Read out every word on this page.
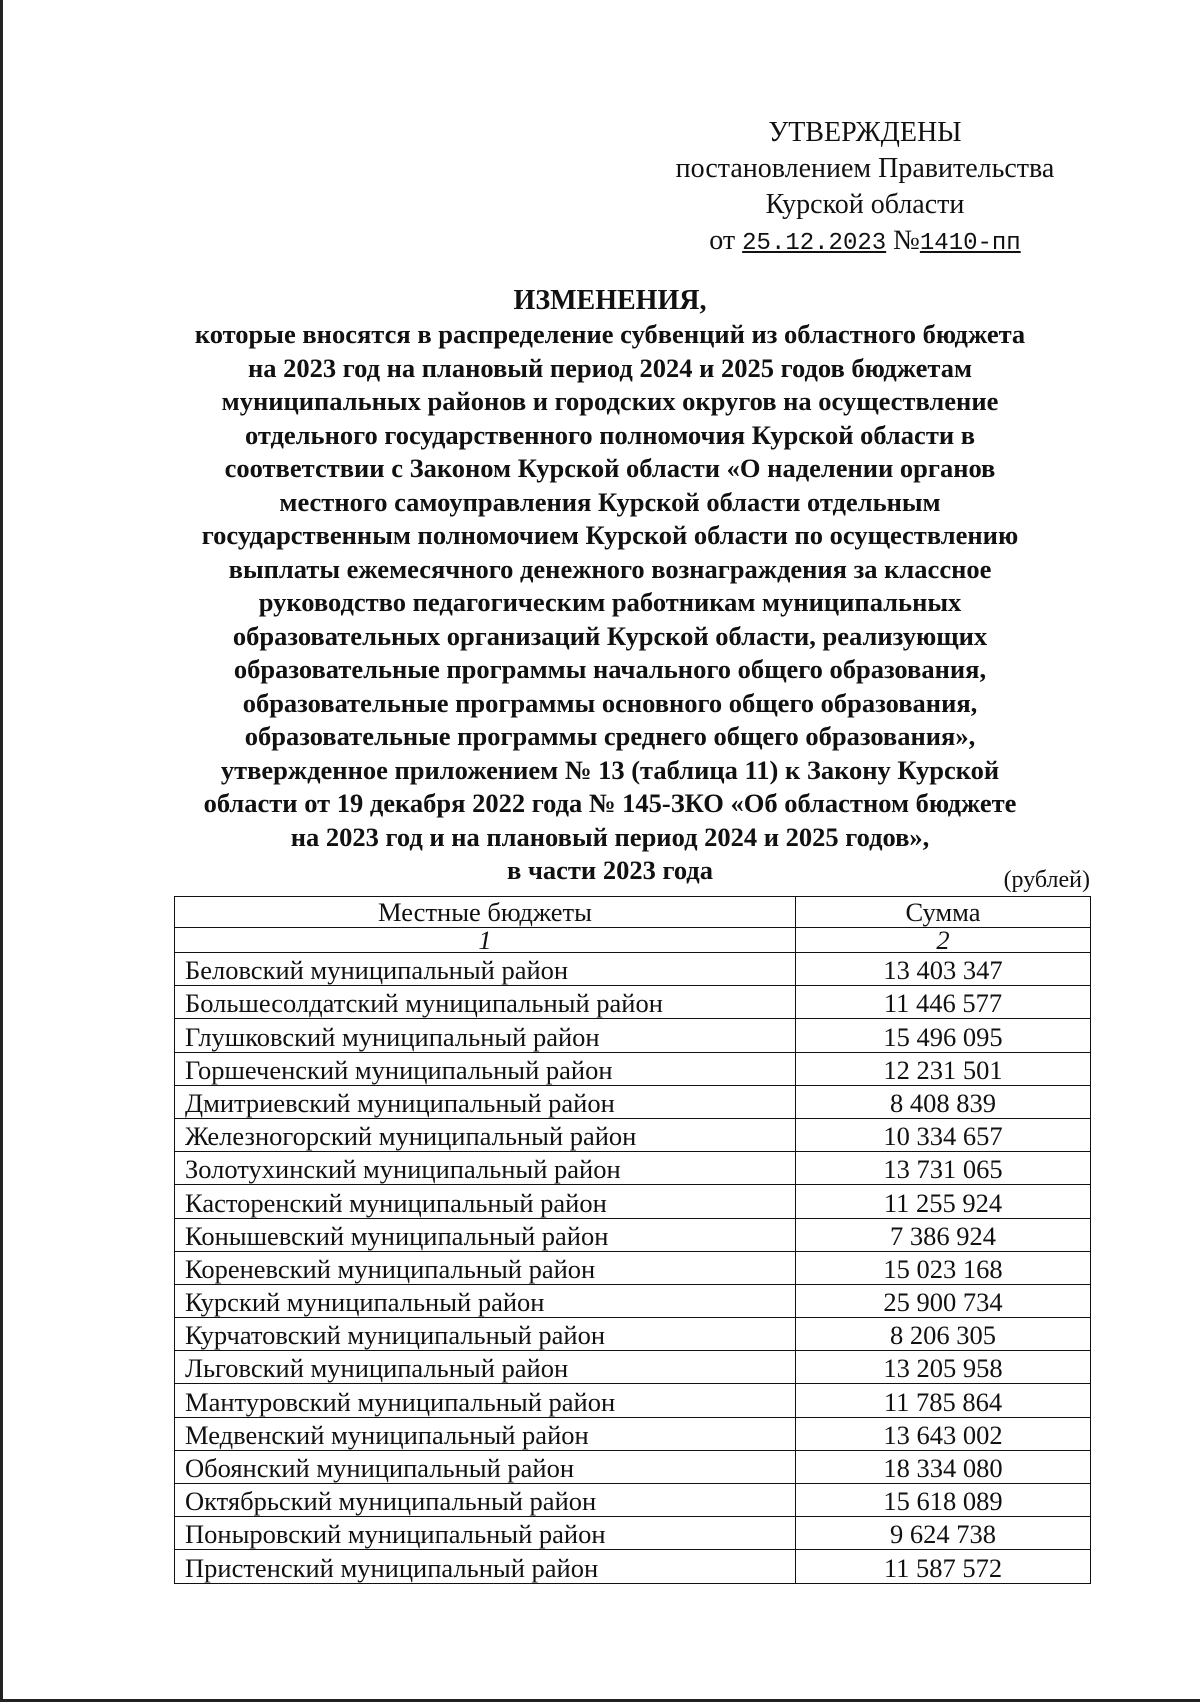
УТВЕРЖДЕНЫ
постановлением Правительства
Курской области
от 25.12.2023 №1410-пп
ИЗМЕНЕНИЯ,
которые вносятся в распределение субвенций из областного бюджета
на 2023 год на плановый период 2024 и 2025 годов бюджетам
муниципальных районов и городских округов на осуществление
отдельного государственного полномочия Курской области в
соответствии с Законом Курской области «О наделении органов
местного самоуправления Курской области отдельным
государственным полномочием Курской области по осуществлению
выплаты ежемесячного денежного вознаграждения за классное
руководство педагогическим работникам муниципальных
образовательных организаций Курской области, реализующих
образовательные программы начального общего образования,
образовательные программы основного общего образования,
образовательные программы среднего общего образования»,
утвержденное приложением № 13 (таблица 11) к Закону Курской
области от 19 декабря 2022 года № 145-ЗКО «Об областном бюджете
на 2023 год и на плановый период 2024 и 2025 годов»,
в части 2023 года	(рублей)
Местные бюджеты	Сумма
1	2
Беловский муниципальный район	13 403 347
Большесолдатский муниципальный район	11 446 577
Глушковский муниципальный район	15 496 095
Горшеченский муниципальный район	12 231 501
Дмитриевский муниципальный район	8 408 839
Железногорский муниципальный район	10 334 657
Золотухинский муниципальный район	13 731 065
Касторенский муниципальный район	11 255 924
Конышевский муниципальный район	7 386 924
Кореневский муниципальный район	15 023 168
Курский муниципальный район	25 900 734
Курчатовский муниципальный район	8 206 305
Льговский муниципальный район	13 205 958
Мантуровский муниципальный район	11 785 864
Медвенский муниципальный район	13 643 002
Обоянский муниципальный район	18 334 080
Октябрьский муниципальный район	15 618 089
Поныровский муниципальный район	9 624 738
Пристенский муниципальный район	11 587 572
